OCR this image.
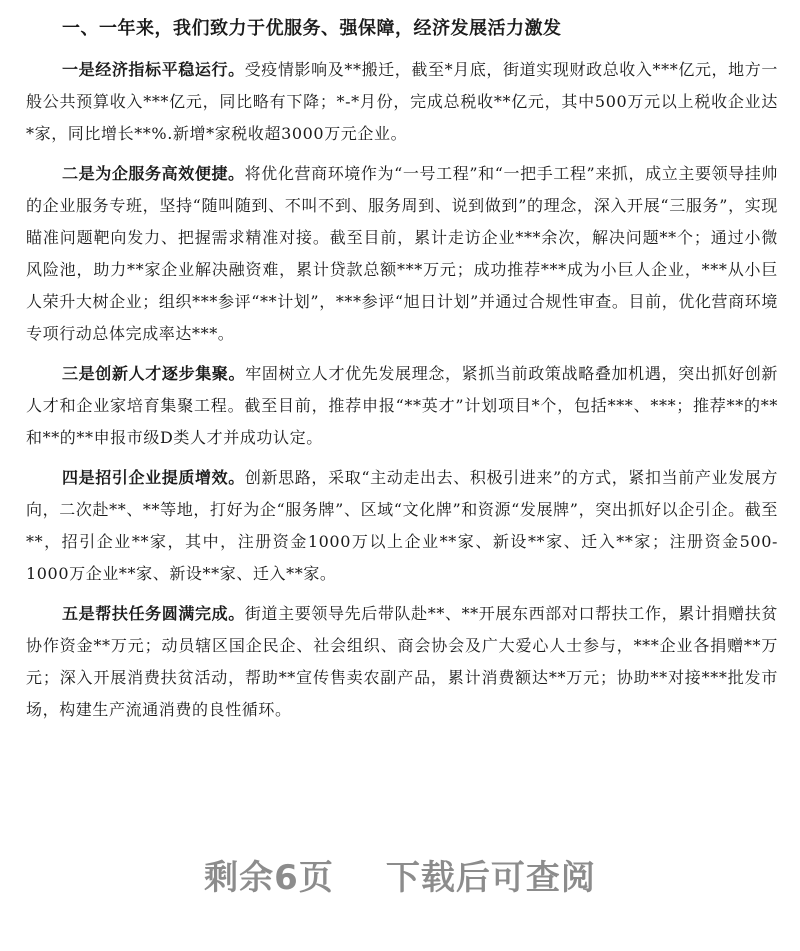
一、一年来，我们致力于优服务、强保障，经济发展活力激发

一是经济指标平稳运行。受疫情影响及**搬迁，截至*月底，街道实现财政总收入***亿元，地方一般公共预算收入***亿元，同比略有下降；*-*月份，完成总税收**亿元，其中500万元以上税收企业达*家，同比增长**%.新增*家税收超3000万元企业。

二是为企服务高效便捷。将优化营商环境作为“一号工程”和“一把手工程”来抓，成立主要领导挂帅的企业服务专班，坚持“随叫随到、不叫不到、服务周到、说到做到”的理念，深入开展“三服务”，实现瞄准问题靶向发力、把握需求精准对接。截至目前，累计走访企业***余次，解决问题**个；通过小微风险池，助力**家企业解决融资难，累计贷款总额***万元；成功推荐***成为小巨人企业，***从小巨人荣升大树企业；组织***参评“**计划”，***参评“旭日计划”并通过合规性审查。目前，优化营商环境专项行动总体完成率达***。

三是创新人才逐步集聚。牢固树立人才优先发展理念，紧抓当前政策战略叠加机遇，突出抓好创新人才和企业家培育集聚工程。截至目前，推荐申报“**英才”计划项目*个，包括***、***；推荐**的**和**的**申报市级D类人才并成功认定。

四是招引企业提质增效。创新思路，采取“主动走出去、积极引进来”的方式，紧扣当前产业发展方向，二次赴**、**等地，打好为企“服务牌”、区域“文化牌”和资源“发展牌”，突出抓好以企引企。截至**，招引企业**家，其中，注册资金1000万以上企业**家、新设**家、迁入**家；注册资金500-1000万企业**家、新设**家、迁入**家。

五是帮扶任务圆满完成。街道主要领导先后带队赴**、**开展东西部对口帮扶工作，累计捐赠扶贫协作资金**万元；动员辖区国企民企、社会组织、商会协会及广大爱心人士参与，***企业各捐赠**万元；深入开展消费扶贫活动，帮助**宣传售卖农副产品，累计消费额达**万元；协助**对接***批发市场，构建生产流通消费的良性循环。

剩余6页 下载后可查阅
